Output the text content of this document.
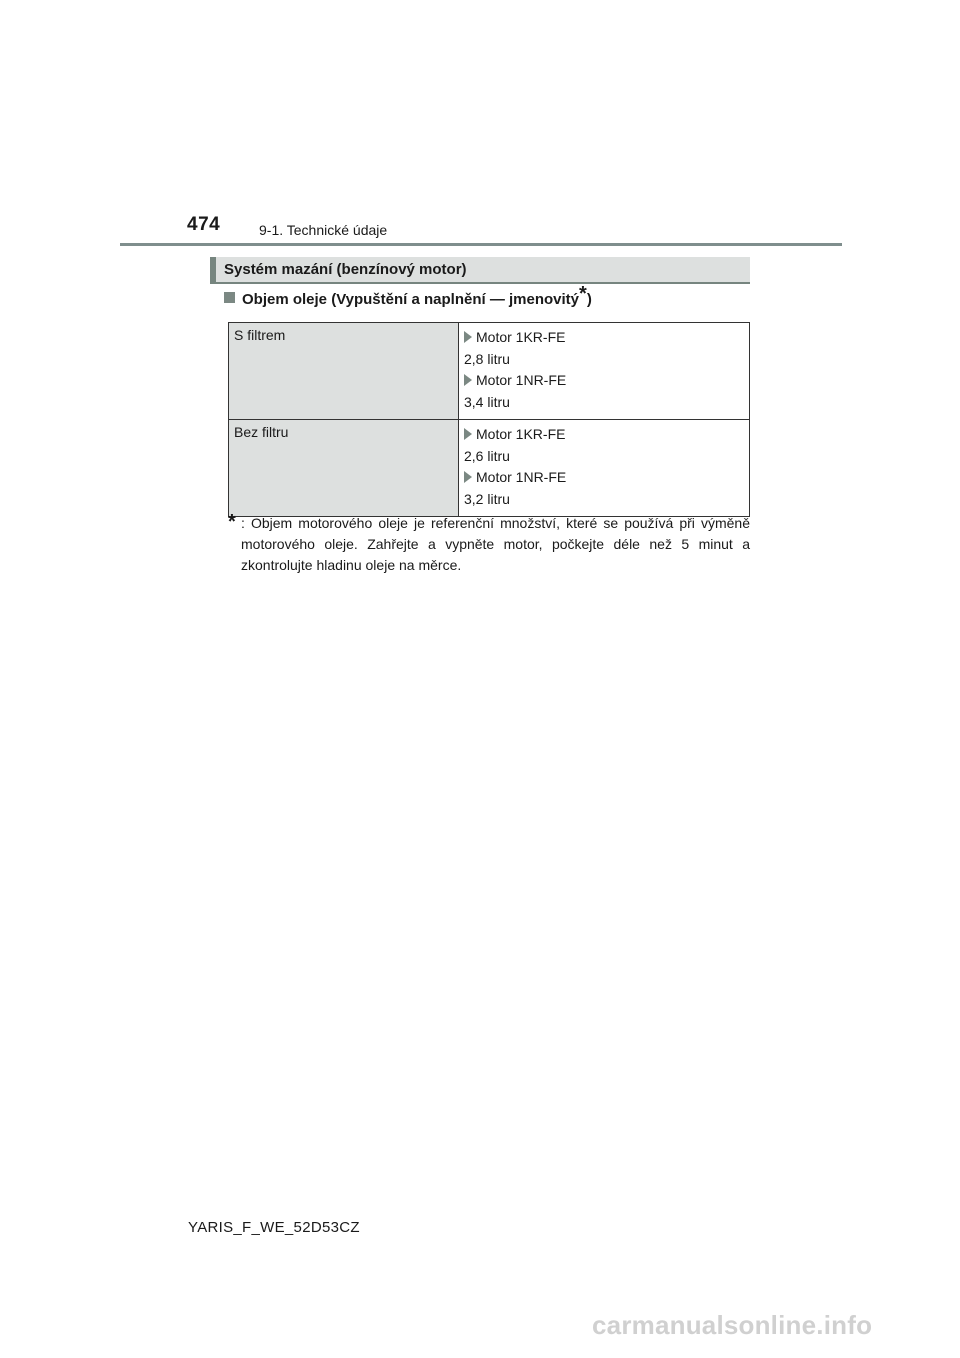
474	9-1. Technické údaje
Systém mazání (benzínový motor)
Objem oleje (Vypuštění a naplnění — jmenovitý*)
S filtrem	Motor 1KR-FE
2,8 litru
Motor 1NR-FE
3,4 litru

Bez filtru	Motor 1KR-FE
2,6 litru
Motor 1NR-FE
3,2 litru
* : Objem motorového oleje je referenční množství, které se používá při výměně motorového oleje. Zahřejte a vypněte motor, počkejte déle než 5 minut a zkontrolujte hladinu oleje na měrce.
YARIS_F_WE_52D53CZ
carmanualsonline.info
